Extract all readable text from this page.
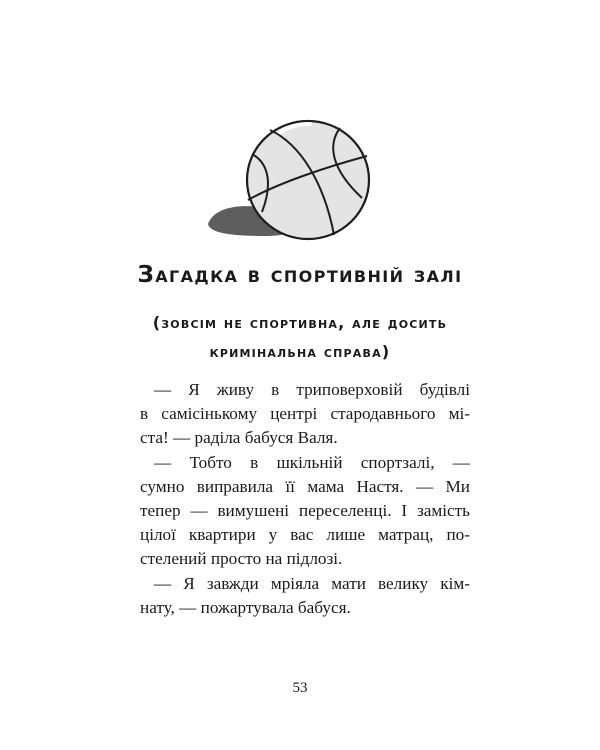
Загадка в спортивній залі
(зовсім не спортивна, але досить
кримінальна справа)
— Я живу в триповерховій будівлі
в самісінькому центрі стародавнього мі-
ста! — раділа бабуся Валя.
— Тобто в шкільній спортзалі, —
сумно виправила її мама Настя. — Ми
тепер — вимушені переселенці. І замість
цілої квартири у вас лише матрац, по-
стелений просто на підлозі.
— Я завжди мріяла мати велику кім-
нату, — пожартувала бабуся.
53
